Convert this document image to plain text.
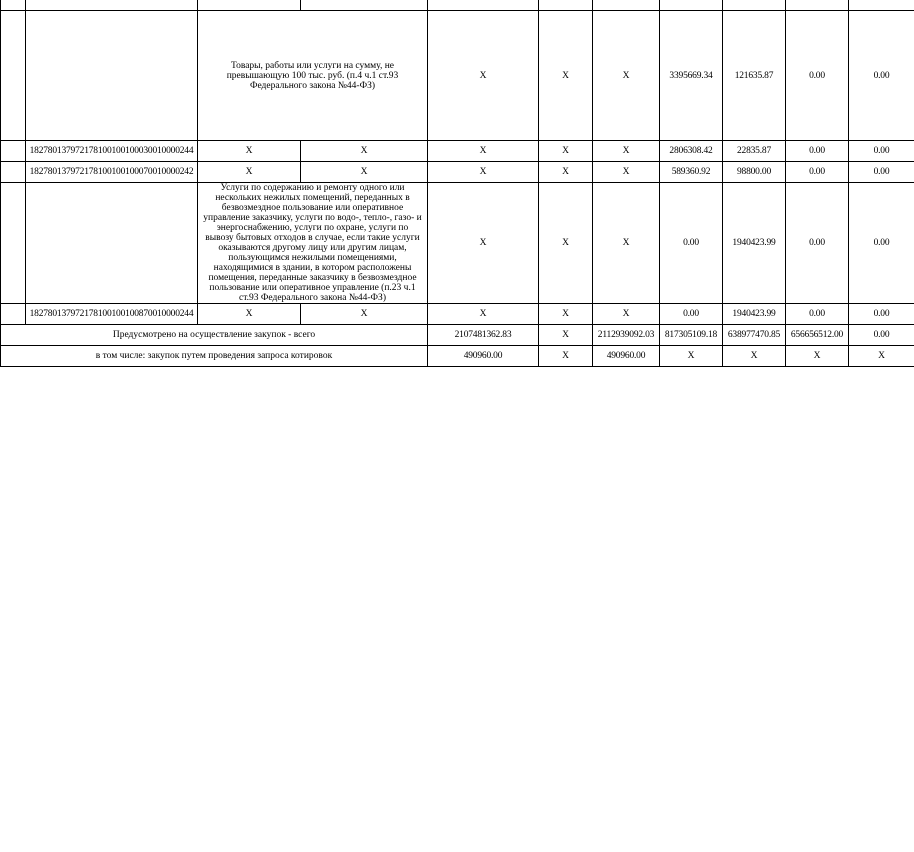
		Товары, работы или услуги на сумму, не превышающую 100 тыс. руб. (п.4 ч.1 ст.93 Федерального закона №44-ФЗ)		X	X	X	3395669.34	121635.87	0.00	0.00
	182780137972178100100100030010000244	X	X	X	X	X	2806308.42	22835.87	0.00	0.00
	182780137972178100100100070010000242	X	X	X	X	X	589360.92	98800.00	0.00	0.00
		Услуги по содержанию и ремонту одного или нескольких нежилых помещений, переданных в безвозмездное пользование или оперативное управление заказчику, услуги по водо-, тепло-, газо- и энергоснабжению, услуги по охране, услуги по вывозу бытовых отходов в случае, если такие услуги оказываются другому лицу или другим лицам, пользующимся нежилыми помещениями, находящимися в здании, в котором расположены помещения, переданные заказчику в безвозмездное пользование или оперативное управление (п.23 ч.1 ст.93 Федерального закона №44-ФЗ)		X	X	X	0.00	1940423.99	0.00	0.00
	182780137972178100100100870010000244	X	X	X	X	X	0.00	1940423.99	0.00	0.00
Предусмотрено на осуществление закупок - всего				2107481362.83	X	2112939092.03	817305109.18	638977470.85	656656512.00	0.00
в том числе: закупок путем проведения запроса котировок				490960.00	X	490960.00	X	X	X	X
